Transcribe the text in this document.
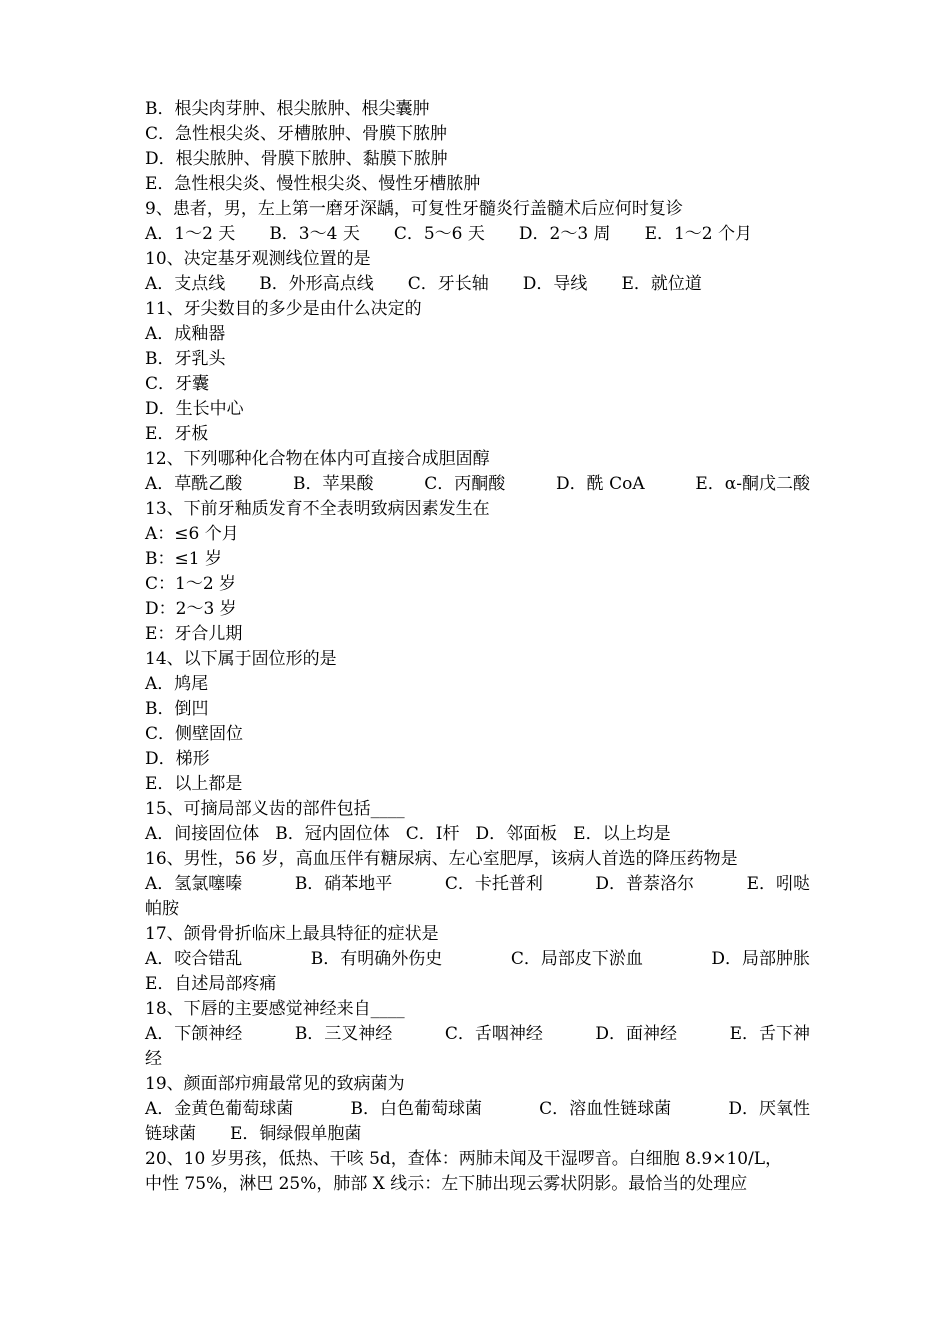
B．根尖肉芽肿、根尖脓肿、根尖囊肿
C．急性根尖炎、牙槽脓肿、骨膜下脓肿
D．根尖脓肿、骨膜下脓肿、黏膜下脓肿
E．急性根尖炎、慢性根尖炎、慢性牙槽脓肿
9、患者，男，左上第一磨牙深龋，可复性牙髓炎行盖髓术后应何时复诊
A．1～2 天 B．3～4 天 C．5～6 天 D．2～3 周 E．1～2 个月
10、决定基牙观测线位置的是
A．支点线 B．外形高点线 C．牙长轴 D．导线 E．就位道
11、牙尖数目的多少是由什么决定的
A．成釉器
B．牙乳头
C．牙囊
D．生长中心
E．牙板
12、下列哪种化合物在体内可直接合成胆固醇
A．草酰乙酸	B．苹果酸	C．丙酮酸	D．酰 CoA	E．α-酮戊二酸
13、下前牙釉质发育不全表明致病因素发生在
A：≤6 个月
B：≤1 岁
C：1～2 岁
D：2～3 岁
E：牙合儿期
14、以下属于固位形的是
A．鸠尾
B．倒凹
C．侧壁固位
D．梯形
E．以上都是
15、可摘局部义齿的部件包括____
A．间接固位体 B．冠内固位体 C．Ⅰ杆 D．邻面板 E．以上均是
16、男性，56 岁，高血压伴有糖尿病、左心室肥厚，该病人首选的降压药物是
A．氢氯噻嗪	B．硝苯地平	C．卡托普利	D．普萘洛尔	E．吲哒
帕胺
17、颌骨骨折临床上最具特征的症状是
A．咬合错乱	B．有明确外伤史	C．局部皮下淤血	D．局部肿胀
E．自述局部疼痛
18、下唇的主要感觉神经来自____
A．下颌神经	B．三叉神经	C．舌咽神经	D．面神经	E．舌下神
经
19、颜面部疖痈最常见的致病菌为
A．金黄色葡萄球菌	B．白色葡萄球菌	C．溶血性链球菌	D．厌氧性
链球菌 E．铜绿假单胞菌
20、10 岁男孩，低热、干咳 5d，查体：两肺未闻及干湿啰音。白细胞 8.9×10/L，
中性 75%，淋巴 25%，肺部 X 线示：左下肺出现云雾状阴影。最恰当的处理应
